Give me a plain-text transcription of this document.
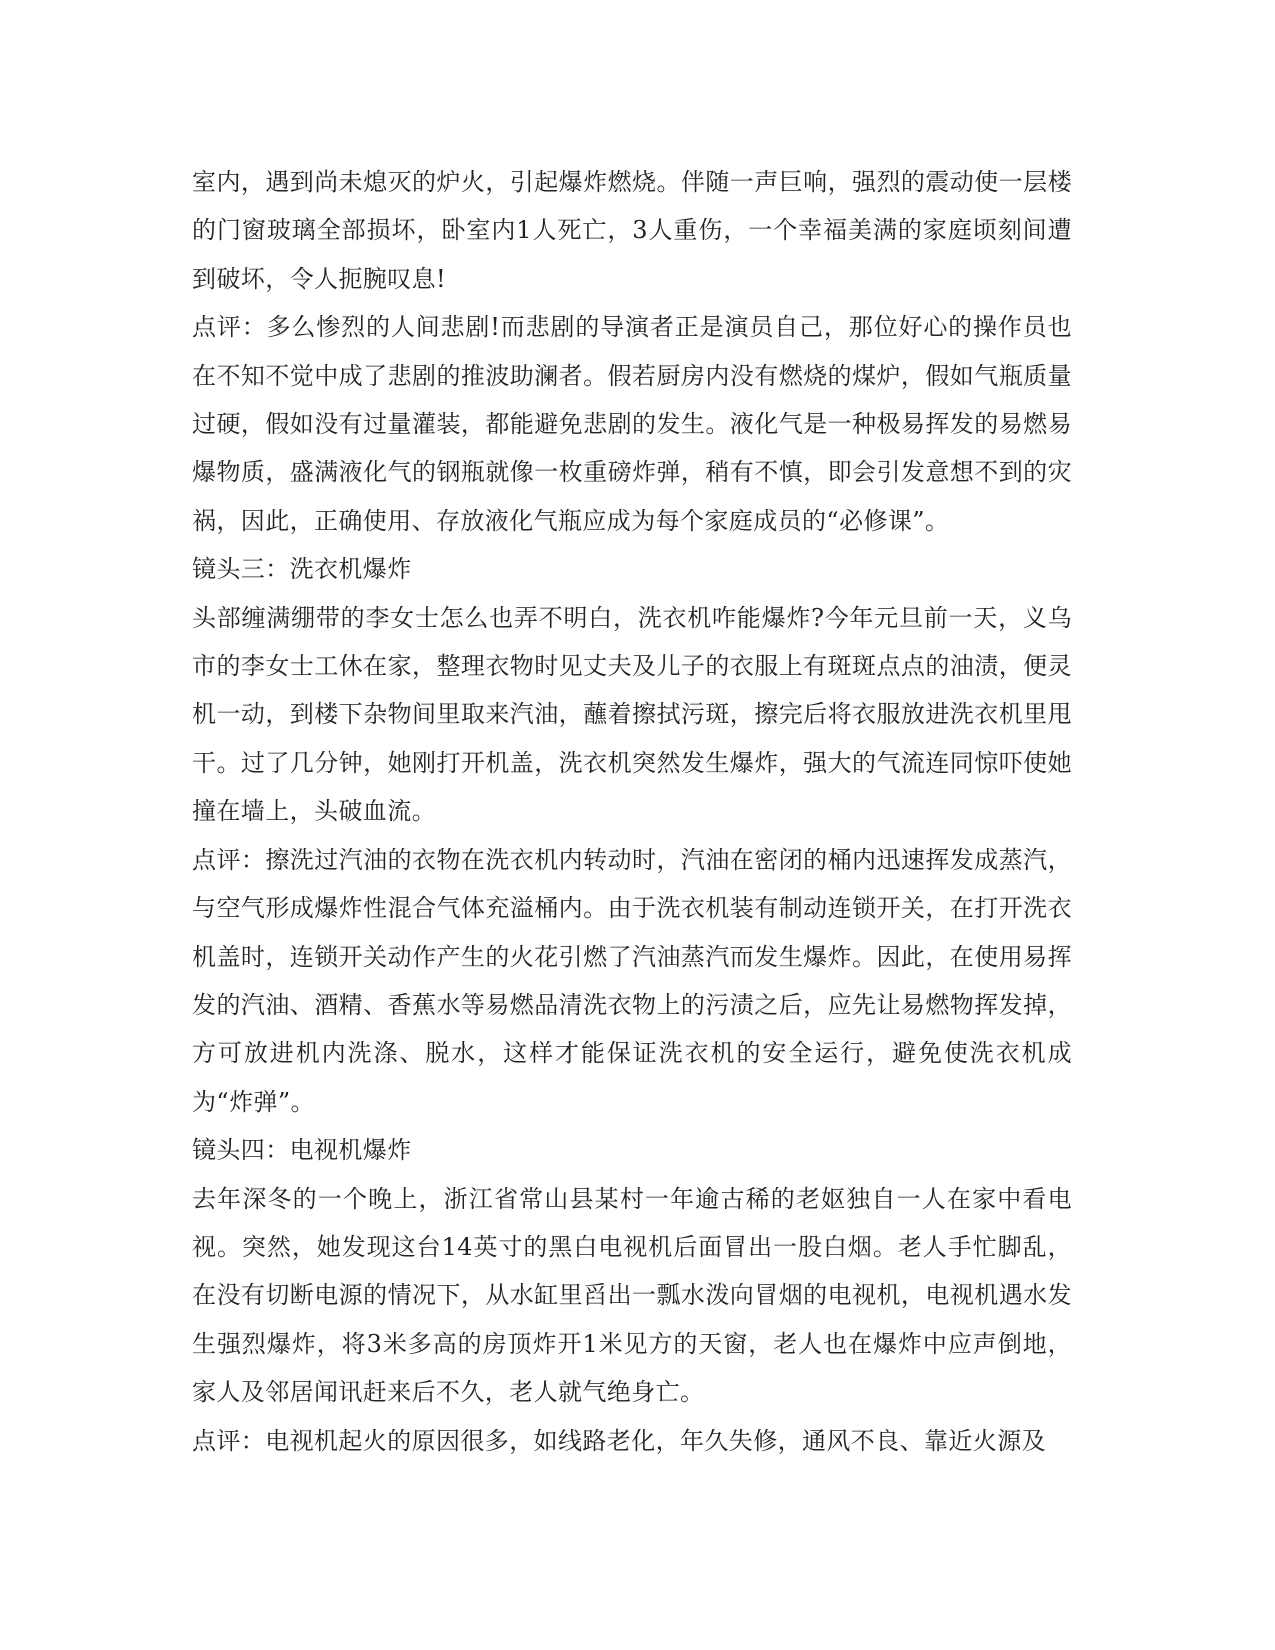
室内，遇到尚未熄灭的炉火，引起爆炸燃烧。伴随一声巨响，强烈的震动使一层楼的门窗玻璃全部损坏，卧室内1人死亡，3人重伤，一个幸福美满的家庭顷刻间遭到破坏，令人扼腕叹息!

点评：多么惨烈的人间悲剧!而悲剧的导演者正是演员自己，那位好心的操作员也在不知不觉中成了悲剧的推波助澜者。假若厨房内没有燃烧的煤炉，假如气瓶质量过硬，假如没有过量灌装，都能避免悲剧的发生。液化气是一种极易挥发的易燃易爆物质，盛满液化气的钢瓶就像一枚重磅炸弹，稍有不慎，即会引发意想不到的灾祸，因此，正确使用、存放液化气瓶应成为每个家庭成员的“必修课”。

镜头三：洗衣机爆炸

头部缠满绷带的李女士怎么也弄不明白，洗衣机咋能爆炸?今年元旦前一天，义乌市的李女士工休在家，整理衣物时见丈夫及儿子的衣服上有斑斑点点的油渍，便灵机一动，到楼下杂物间里取来汽油，蘸着擦拭污斑，擦完后将衣服放进洗衣机里甩干。过了几分钟，她刚打开机盖，洗衣机突然发生爆炸，强大的气流连同惊吓使她撞在墙上，头破血流。

点评：擦洗过汽油的衣物在洗衣机内转动时，汽油在密闭的桶内迅速挥发成蒸汽，与空气形成爆炸性混合气体充溢桶内。由于洗衣机装有制动连锁开关，在打开洗衣机盖时，连锁开关动作产生的火花引燃了汽油蒸汽而发生爆炸。因此，在使用易挥发的汽油、酒精、香蕉水等易燃品清洗衣物上的污渍之后，应先让易燃物挥发掉，方可放进机内洗涤、脱水，这样才能保证洗衣机的安全运行，避免使洗衣机成为“炸弹”。

镜头四：电视机爆炸

去年深冬的一个晚上，浙江省常山县某村一年逾古稀的老妪独自一人在家中看电视。突然，她发现这台14英寸的黑白电视机后面冒出一股白烟。老人手忙脚乱，在没有切断电源的情况下，从水缸里舀出一瓢水泼向冒烟的电视机，电视机遇水发生强烈爆炸，将3米多高的房顶炸开1米见方的天窗，老人也在爆炸中应声倒地，家人及邻居闻讯赶来后不久，老人就气绝身亡。

点评：电视机起火的原因很多，如线路老化，年久失修，通风不良、靠近火源及
